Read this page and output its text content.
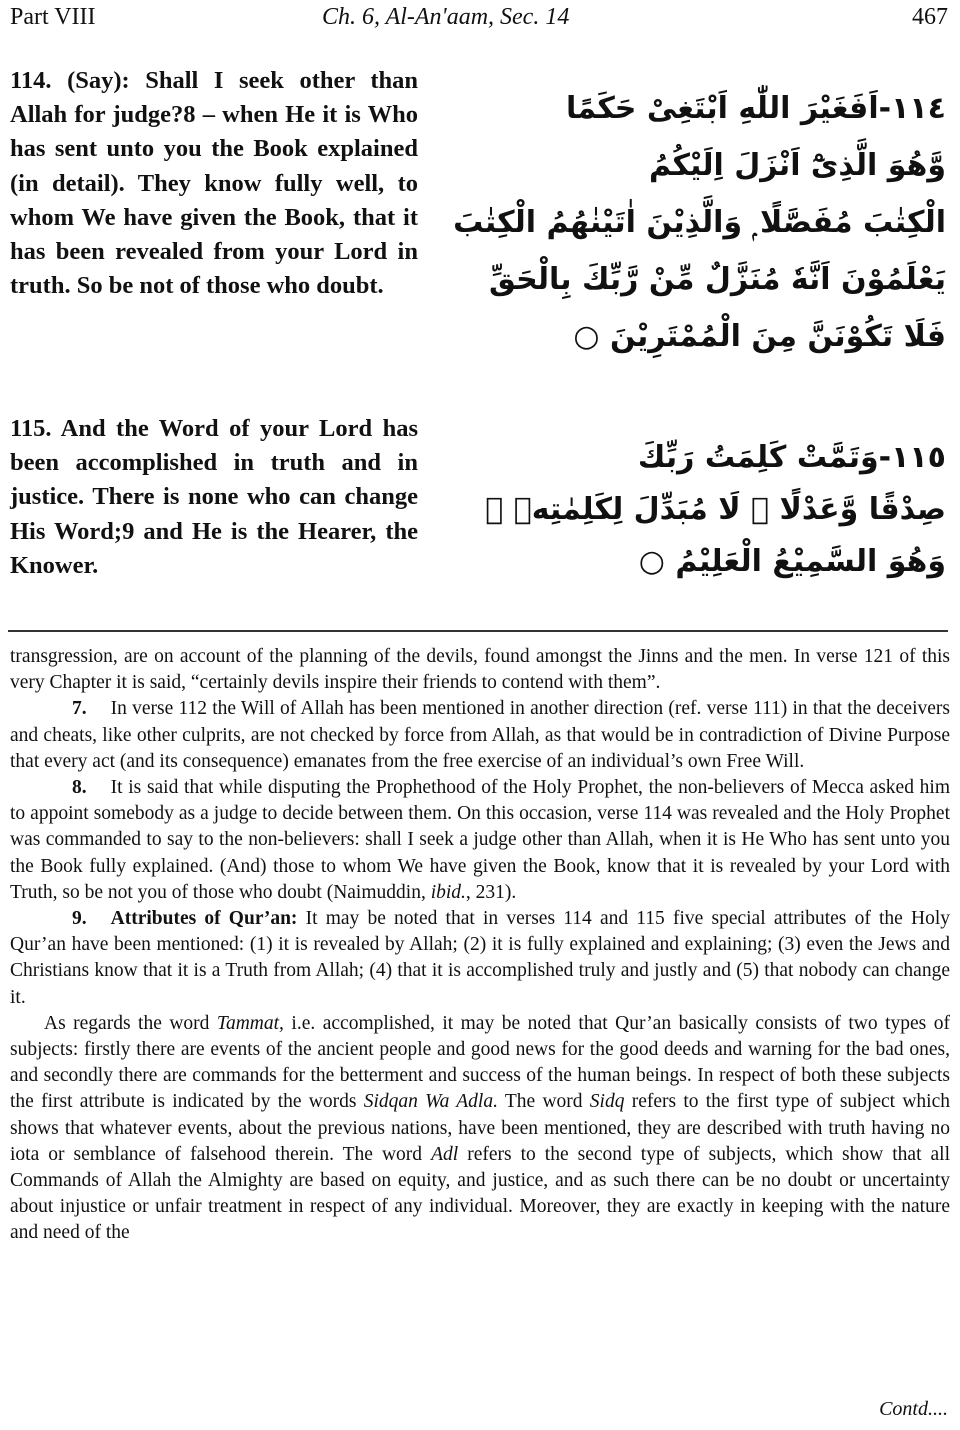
Part VIII	Ch. 6, Al-An'aam, Sec. 14	467
114. (Say): Shall I seek other than Allah for judge?8 – when He it is Who has sent unto you the Book explained (in detail). They know fully well, to whom We have given the Book, that it has been revealed from your Lord in truth. So be not of those who doubt.
١١٤-اَفَغَيْرَ اللّٰهِ اَبْتَغِىْ حَكَمًا
وَّهُوَ الَّذِىْٓ اَنْزَلَ اِلَيْكُمُ
الْكِتٰبَ مُفَصَّلًا ۭ وَالَّذِيْنَ اٰتَيْنٰهُمُ الْكِتٰبَ
يَعْلَمُوْنَ اَنَّهٗ مُنَزَّلٌ مِّنْ رَّبِّكَ بِالْحَقِّ
فَلَا تَكُوْنَنَّ مِنَ الْمُمْتَرِيْنَ ○
115. And the Word of your Lord has been accomplished in truth and in justice. There is none who can change His Word;9 and He is the Hearer, the Knower.
١١٥-وَتَمَّتْ كَلِمَتُ رَبِّكَ
صِدْقًا وَّعَدْلًا ۭ لَا مُبَدِّلَ لِكَلِمٰتِهٖ ۚ
وَهُوَ السَّمِيْعُ الْعَلِيْمُ ○

transgression, are on account of the planning of the devils, found amongst the Jinns and the men. In verse 121 of this very Chapter it is said, “certainly devils inspire their friends to contend with them”.

7. In verse 112 the Will of Allah has been mentioned in another direction (ref. verse 111) in that the deceivers and cheats, like other culprits, are not checked by force from Allah, as that would be in contradiction of Divine Purpose that every act (and its consequence) emanates from the free exercise of an individual’s own Free Will.

8. It is said that while disputing the Prophethood of the Holy Prophet, the non-believers of Mecca asked him to appoint somebody as a judge to decide between them. On this occasion, verse 114 was revealed and the Holy Prophet was commanded to say to the non-believers: shall I seek a judge other than Allah, when it is He Who has sent unto you the Book fully explained. (And) those to whom We have given the Book, know that it is revealed by your Lord with Truth, so be not you of those who doubt (Naimuddin, ibid., 231).

9. Attributes of Qur’an: It may be noted that in verses 114 and 115 five special attributes of the Holy Qur’an have been mentioned: (1) it is revealed by Allah; (2) it is fully explained and explaining; (3) even the Jews and Christians know that it is a Truth from Allah; (4) that it is accomplished truly and justly and (5) that nobody can change it.

As regards the word Tammat, i.e. accomplished, it may be noted that Qur’an basically consists of two types of subjects: firstly there are events of the ancient people and good news for the good deeds and warning for the bad ones, and secondly there are commands for the betterment and success of the human beings. In respect of both these subjects the first attribute is indicated by the words Sidqan Wa Adla. The word Sidq refers to the first type of subject which shows that whatever events, about the previous nations, have been mentioned, they are described with truth having no iota or semblance of falsehood therein. The word Adl refers to the second type of subjects, which show that all Commands of Allah the Almighty are based on equity, and justice, and as such there can be no doubt or uncertainty about injustice or unfair treatment in respect of any individual. Moreover, they are exactly in keeping with the nature and need of the

Contd....
